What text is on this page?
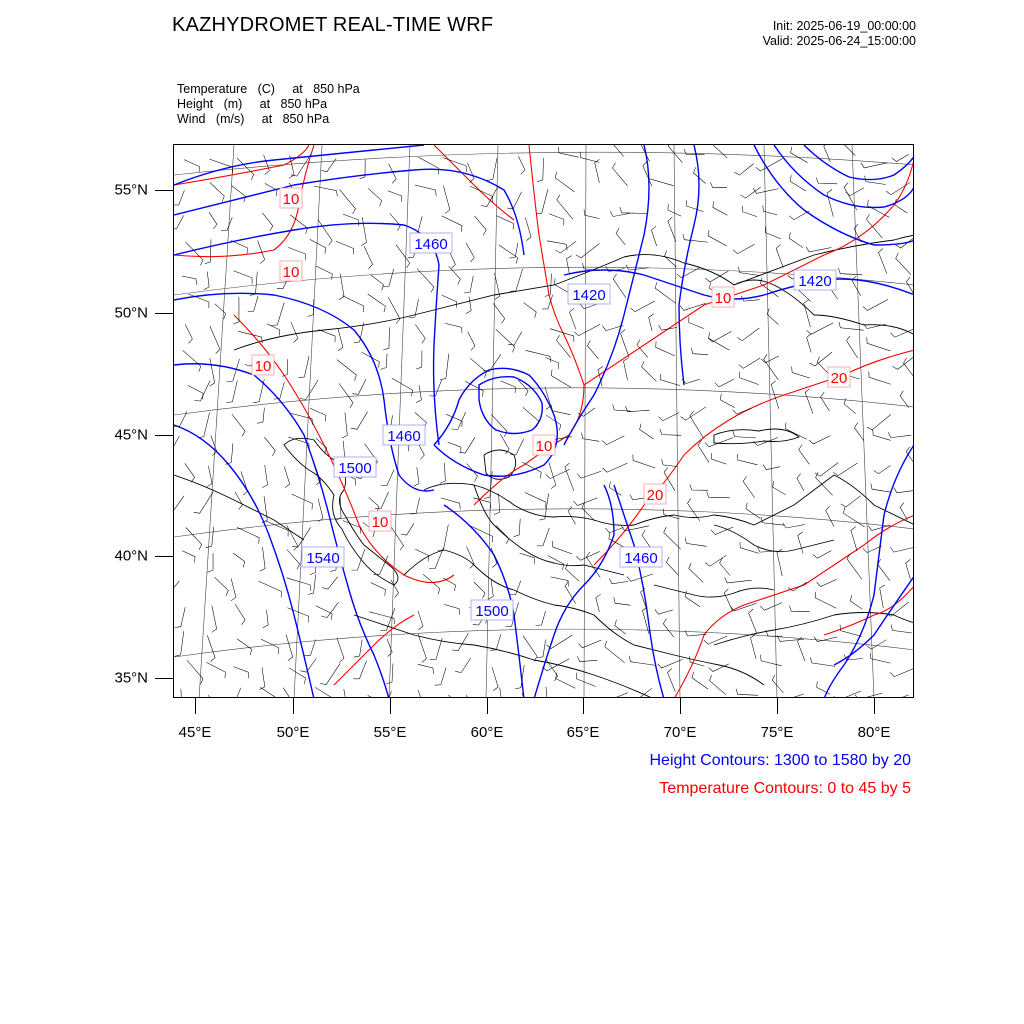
KAZHYDROMET REAL-TIME WRF	Init: 2025-06-19_00:00:00
Valid: 2025-06-24_15:00:00
Temperature (C)     at   850 hPa
Height (m)     at   850 hPa
Wind (m/s)     at   850 hPa
1460
1420
1420
1460
1500
1540	1460
1500
10
10
10
10
20
10
20
10
55°N
50°N
45°N
40°N
35°N
45°E	50°E	55°E	60°E	65°E	70°E	75°E	80°E
Height Contours: 1300 to 1580 by 20
Temperature Contours: 0 to 45 by 5
